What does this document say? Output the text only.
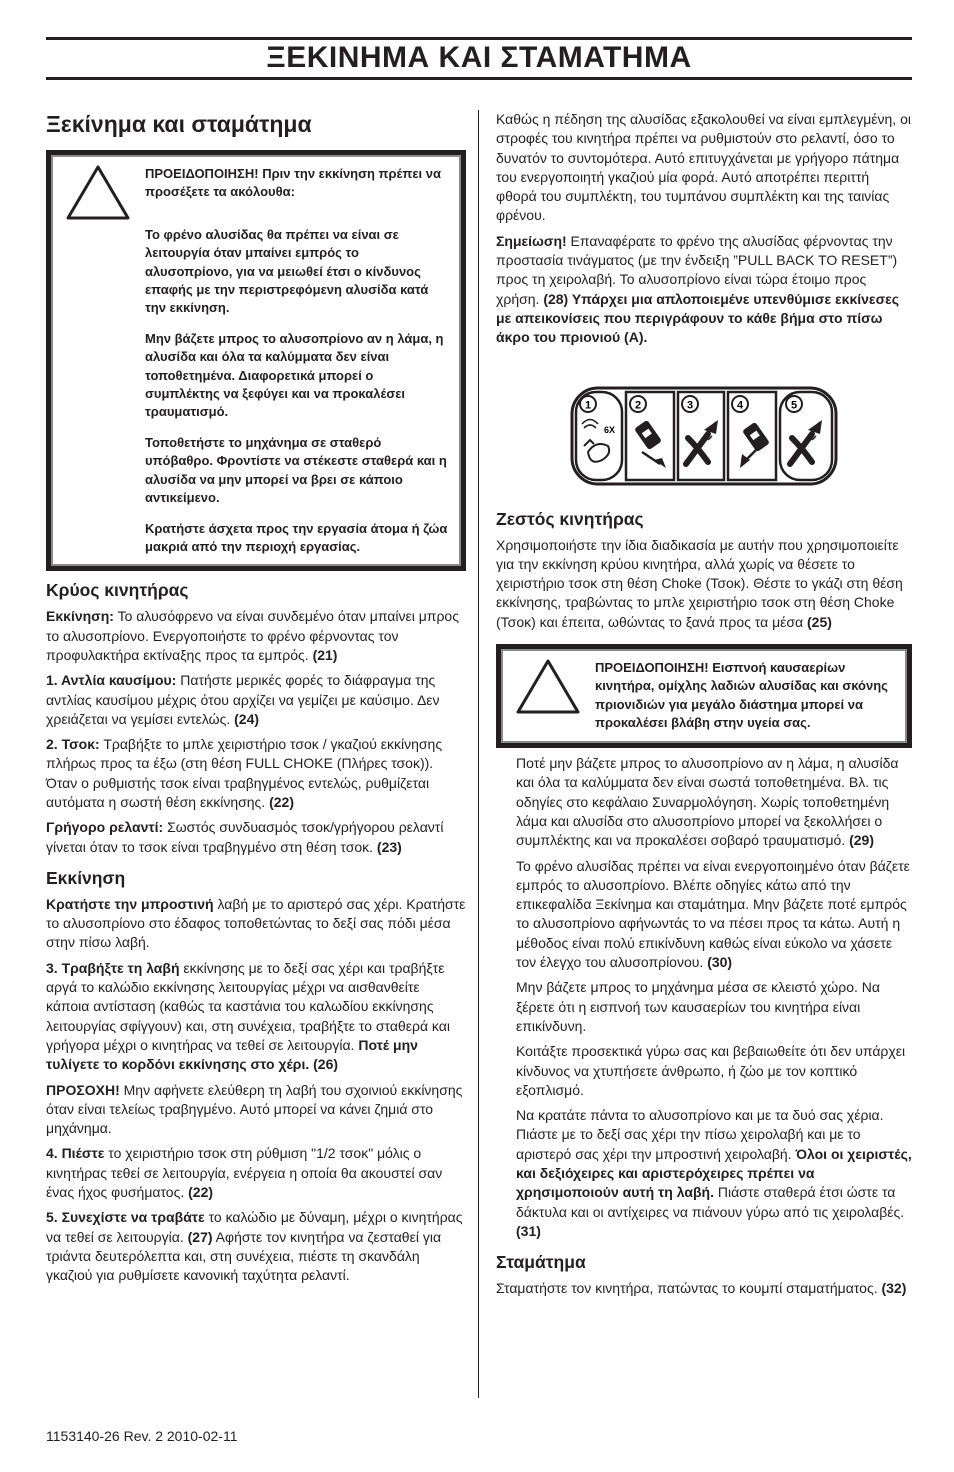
ΞΕΚΙΝΗΜΑ ΚΑΙ ΣΤΑΜΑΤΗΜΑ
Ξεκίνημα και σταμάτημα

ΠΡΟΕΙΔΟΠΟΙΗΣΗ! Πριν την εκκίνηση πρέπει να προσέξετε τα ακόλουθα:

Το φρένο αλυσίδας θα πρέπει να είναι σε λειτουργία όταν μπαίνει εμπρός το αλυσοπρίονο, για να μειωθεί έτσι ο κίνδυνος επαφής με την περιστρεφόμενη αλυσίδα κατά την εκκίνηση.

Μην βάζετε μπρος το αλυσοπρίονο αν η λάμα, η αλυσίδα και όλα τα καλύμματα δεν είναι τοποθετημένα. Διαφορετικά μπορεί ο συμπλέκτης να ξεφύγει και να προκαλέσει τραυματισμό.

Τοποθετήστε το μηχάνημα σε σταθερό υπόβαθρο. Φροντίστε να στέκεστε σταθερά και η αλυσίδα να μην μπορεί να βρει σε κάποιο αντικείμενο.

Κρατήστε άσχετα προς την εργασία άτομα ή ζώα μακριά από την περιοχή εργασίας.

Κρύος κινητήρας

Εκκίνηση: Το αλυσόφρενο να είναι συνδεμένο όταν μπαίνει μπρος το αλυσοπρίονο. Ενεργοποιήστε το φρένο φέρνοντας τον προφυλακτήρα εκτίναξης προς τα εμπρός. (21)

1. Αντλία καυσίμου: Πατήστε μερικές φορές το διάφραγμα της αντλίας καυσίμου μέχρις ότου αρχίζει να γεμίζει με καύσιμο. Δεν χρειάζεται να γεμίσει εντελώς. (24)

2. Τσοκ: Τραβήξτε το μπλε χειριστήριο τσοκ / γκαζιού εκκίνησης πλήρως προς τα έξω (στη θέση FULL CHOKE (Πλήρες τσοκ)). Όταν ο ρυθμιστής τσοκ είναι τραβηγμένος εντελώς, ρυθμίζεται αυτόματα η σωστή θέση εκκίνησης. (22)

Γρήγορο ρελαντί: Σωστός συνδυασμός τσοκ/γρήγορου ρελαντί γίνεται όταν το τσοκ είναι τραβηγμένο στη θέση τσοκ. (23)

Εκκίνηση

Κρατήστε την μπροστινή λαβή με το αριστερό σας χέρι. Κρατήστε το αλυσοπρίονο στο έδαφος τοποθετώντας το δεξί σας πόδι μέσα στην πίσω λαβή.

3. Τραβήξτε τη λαβή εκκίνησης με το δεξί σας χέρι και τραβήξτε αργά το καλώδιο εκκίνησης λειτουργίας μέχρι να αισθανθείτε κάποια αντίσταση (καθώς τα καστάνια του καλωδίου εκκίνησης λειτουργίας σφίγγουν) και, στη συνέχεια, τραβήξτε το σταθερά και γρήγορα μέχρι ο κινητήρας να τεθεί σε λειτουργία. Ποτέ μην τυλίγετε το κορδόνι εκκίνησης στο χέρι. (26)

ΠΡΟΣΟΧΗ! Μην αφήνετε ελεύθερη τη λαβή του σχοινιού εκκίνησης όταν είναι τελείως τραβηγμένο. Αυτό μπορεί να κάνει ζημιά στο μηχάνημα.

4. Πιέστε το χειριστήριο τσοκ στη ρύθμιση "1/2 τσοκ" μόλις ο κινητήρας τεθεί σε λειτουργία, ενέργεια η οποία θα ακουστεί σαν ένας ήχος φυσήματος. (22)

5. Συνεχίστε να τραβάτε το καλώδιο με δύναμη, μέχρι ο κινητήρας να τεθεί σε λειτουργία. (27) Αφήστε τον κινητήρα να ζεσταθεί για τριάντα δευτερόλεπτα και, στη συνέχεια, πιέστε τη σκανδάλη γκαζιού για ρυθμίσετε κανονική ταχύτητα ρελαντί.

Καθώς η πέδηση της αλυσίδας εξακολουθεί να είναι εμπλεγμένη, οι στροφές του κινητήρα πρέπει να ρυθμιστούν στο ρελαντί, όσο το δυνατόν το συντομότερα. Αυτό επιτυγχάνεται με γρήγορο πάτημα του ενεργοποιητή γκαζιού μία φορά. Αυτό αποτρέπει περιττή φθορά του συμπλέκτη, του τυμπάνου συμπλέκτη και της ταινίας φρένου.

Σημείωση! Επαναφέρατε το φρένο της αλυσίδας φέρνοντας την προστασία τινάγματος (με την ένδειξη ”PULL BACK TO RESET”) προς τη χειρολαβή. Το αλυσοπρίονο είναι τώρα έτοιμο προς χρήση. (28) Υπάρχει μια απλοποιεμένε υπενθύμισε εκκίνεσες με απεικονίσεις που περιγράφουν το κάθε βήμα στο πίσω άκρο του πριονιού (A).

1
6X
2	3	4	5
Ζεστός κινητήρας

Χρησιμοποιήστε την ίδια διαδικασία με αυτήν που χρησιμοποιείτε για την εκκίνηση κρύου κινητήρα, αλλά χωρίς να θέσετε το χειριστήριο τσοκ στη θέση Choke (Τσοκ). Θέστε το γκάζι στη θέση εκκίνησης, τραβώντας το μπλε χειριστήριο τσοκ στη θέση Choke (Τσοκ) και έπειτα, ωθώντας το ξανά προς τα μέσα (25)

ΠΡΟΕΙΔΟΠΟΙΗΣΗ! Εισπνοή καυσαερίων κινητήρα, ομίχλης λαδιών αλυσίδας και σκόνης πριονιδιών για μεγάλο διάστημα μπορεί να προκαλέσει βλάβη στην υγεία σας.

Ποτέ μην βάζετε μπρος το αλυσοπρίονο αν η λάμα, η αλυσίδα και όλα τα καλύμματα δεν είναι σωστά τοποθετημένα. Βλ. τις οδηγίες στο κεφάλαιο Συναρμολόγηση. Χωρίς τοποθετημένη λάμα και αλυσίδα στο αλυσοπρίονο μπορεί να ξεκολλήσει ο συμπλέκτης και να προκαλέσει σοβαρό τραυματισμό. (29)

Το φρένο αλυσίδας πρέπει να είναι ενεργοποιημένο όταν βάζετε εμπρός το αλυσοπρίονο. Βλέπε οδηγίες κάτω από την επικεφαλίδα Ξεκίνημα και σταμάτημα. Μην βάζετε ποτέ εμπρός το αλυσοπρίονο αφήνωντάς το να πέσει προς τα κάτω. Αυτή η μέθοδος είναι πολύ επικίνδυνη καθώς είναι εύκολο να χάσετε τον έλεγχο του αλυσοπρίονου. (30)

Μην βάζετε μπρος το μηχάνημα μέσα σε κλειστό χώρο. Να ξέρετε ότι η εισπνοή των καυσαερίων του κινητήρα είναι επικίνδυνη.

Κοιτάξτε προσεκτικά γύρω σας και βεβαιωθείτε ότι δεν υπάρχει κίνδυνος να χτυπήσετε άνθρωπο, ή ζώο με τον κοπτικό εξοπλισμό.

Να κρατάτε πάντα το αλυσοπρίονο και με τα δυό σας χέρια. Πιάστε με το δεξί σας χέρι την πίσω χειρολαβή και με το αριστερό σας χέρι την μπροστινή χειρολαβή. Όλοι οι χειριστές, και δεξιόχειρες και αριστερόχειρες πρέπει να χρησιμοποιούν αυτή τη λαβή. Πιάστε σταθερά έτσι ώστε τα δάκτυλα και οι αντίχειρες να πιάνουν γύρω από τις χειρολαβές. (31)

Σταμάτημα

Σταματήστε τον κινητήρα, πατώντας το κουμπί σταματήματος. (32)

1153140-26 Rev. 2 2010-02-11
